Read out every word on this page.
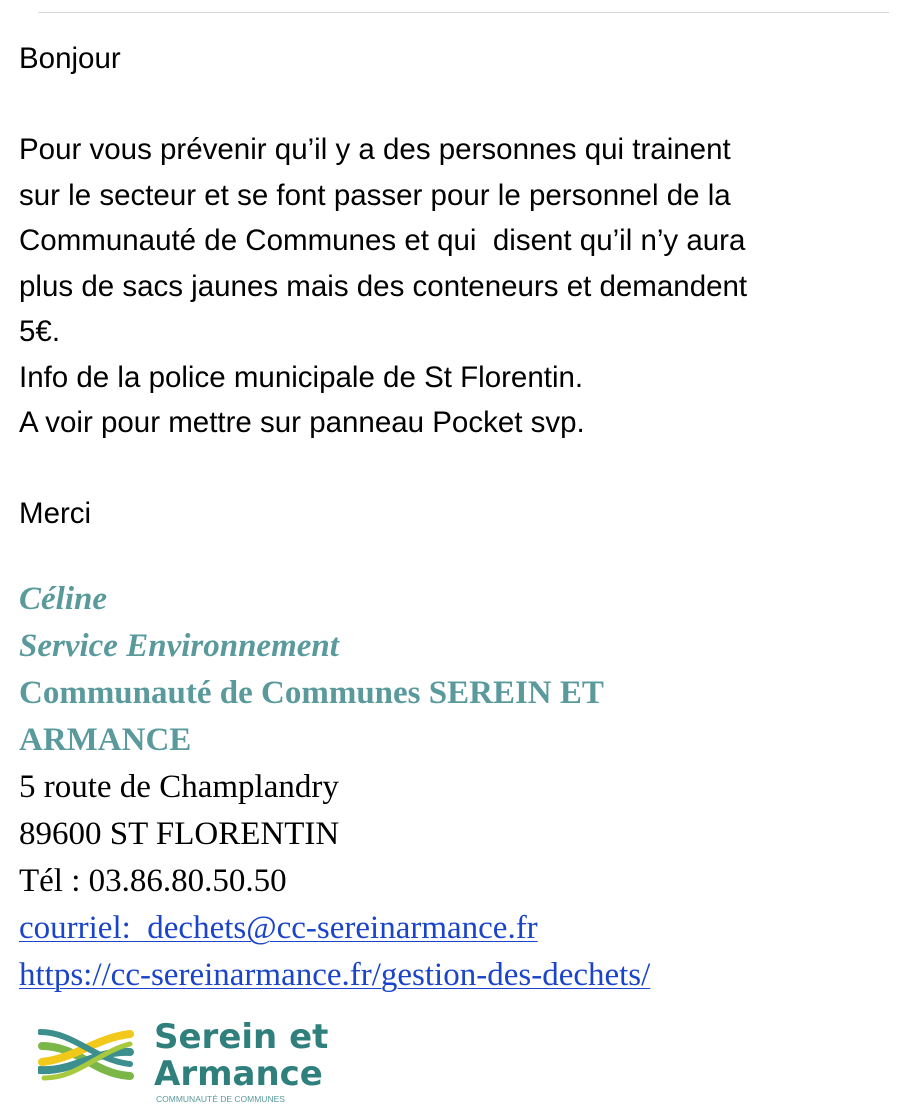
Bonjour

Pour vous prévenir qu’il y a des personnes qui trainent

sur le secteur et se font passer pour le personnel de la

Communauté de Communes et qui  disent qu’il n’y aura

plus de sacs jaunes mais des conteneurs et demandent

5€.

Info de la police municipale de St Florentin.

A voir pour mettre sur panneau Pocket svp.

Merci

Céline
Service Environnement
Communauté de Communes SEREIN ET
ARMANCE
5 route de Champlandry
89600 ST FLORENTIN
Tél : 03.86.80.50.50
courriel:  dechets@cc-sereinarmance.fr
https://cc-sereinarmance.fr/gestion-des-dechets/
Serein et
Armance
COMMUNAUTÉ DE COMMUNES
